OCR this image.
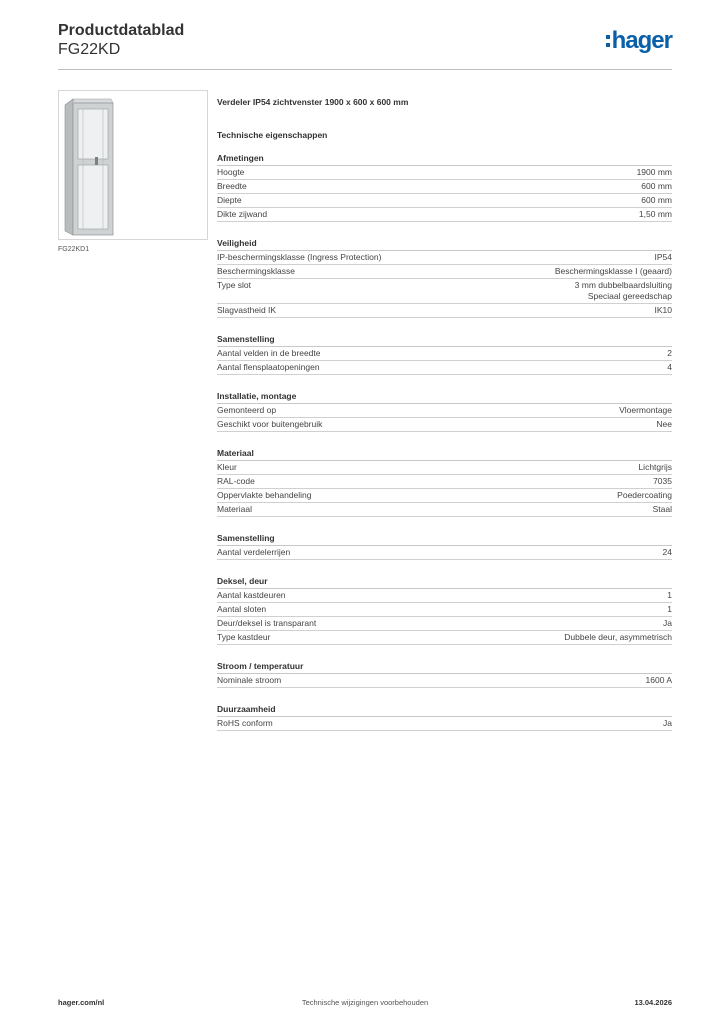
Productdatablad
FG22KD	hager
FG22KD1
Verdeler IP54 zichtvenster 1900 x 600 x 600 mm
Technische eigenschappen
Afmetingen
Hoogte	1900 mm
Breedte	600 mm
Diepte	600 mm
Dikte zijwand	1,50 mm
Veiligheid
IP-beschermingsklasse (Ingress Protection)	IP54
Beschermingsklasse	Beschermingsklasse I (geaard)
Type slot	3 mm dubbelbaardsluiting
Speciaal gereedschap
Slagvastheid IK	IK10
Samenstelling
Aantal velden in de breedte	2
Aantal flensplaatopeningen	4
Installatie, montage
Gemonteerd op	Vloermontage
Geschikt voor buitengebruik	Nee
Materiaal
Kleur	Lichtgrijs
RAL-code	7035
Oppervlakte behandeling	Poedercoating
Materiaal	Staal
Samenstelling
Aantal verdelerrijen	24
Deksel, deur
Aantal kastdeuren	1
Aantal sloten	1
Deur/deksel is transparant	Ja
Type kastdeur	Dubbele deur, asymmetrisch
Stroom / temperatuur
Nominale stroom	1600 A
Duurzaamheid
RoHS conform	Ja
Technische wijzigingen voorbehouden
hager.com/nl	13.04.2026
